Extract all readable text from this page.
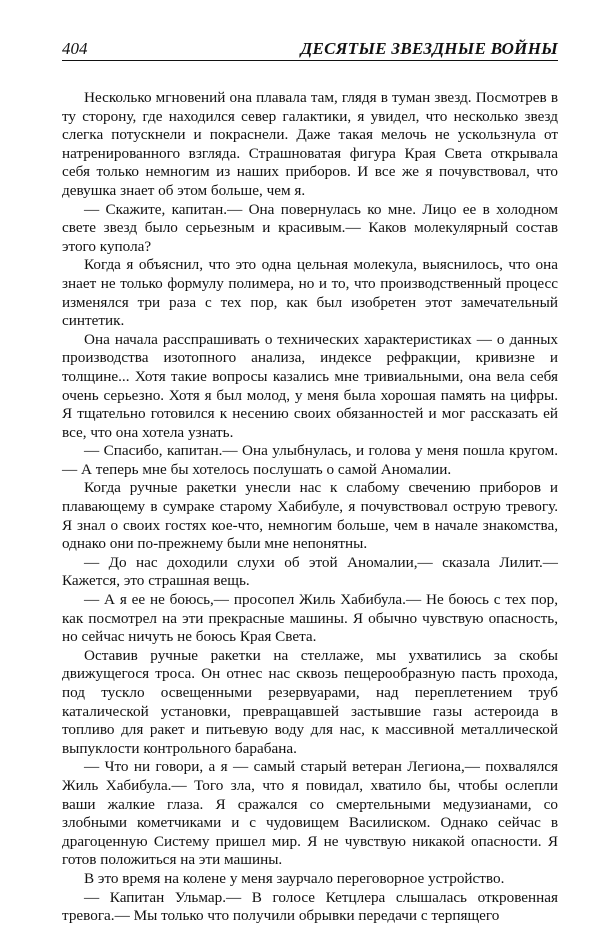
404	ДЕСЯТЫЕ ЗВЕЗДНЫЕ ВОЙНЫ

Несколько мгновений она плавала там, глядя в туман звезд. Посмотрев в ту сторону, где находился север галактики, я увидел, что несколько звезд слегка потускнели и покраснели. Даже такая мелочь не ускользнула от натренированного взгляда. Страшноватая фигура Края Света открывала себя только немногим из наших приборов. И все же я почувствовал, что девушка знает об этом больше, чем я.

— Скажите, капитан.— Она повернулась ко мне. Лицо ее в холодном свете звезд было серьезным и красивым.— Каков молекулярный состав этого купола?

Когда я объяснил, что это одна цельная молекула, выяснилось, что она знает не только формулу полимера, но и то, что производственный процесс изменялся три раза с тех пор, как был изобретен этот замечательный синтетик.

Она начала расспрашивать о технических характеристиках — о данных производства изотопного анализа, индексе рефракции, кривизне и толщине... Хотя такие вопросы казались мне тривиальными, она вела себя очень серьезно. Хотя я был молод, у меня была хорошая память на цифры. Я тщательно готовился к несению своих обязанностей и мог рассказать ей все, что она хотела узнать.

— Спасибо, капитан.— Она улыбнулась, и голова у меня пошла кругом.— А теперь мне бы хотелось послушать о самой Аномалии.

Когда ручные ракетки унесли нас к слабому свечению приборов и плавающему в сумраке старому Хабибуле, я почувствовал острую тревогу. Я знал о своих гостях кое-что, немногим больше, чем в начале знакомства, однако они по-прежнему были мне непонятны.

— До нас доходили слухи об этой Аномалии,— сказала Лилит.— Кажется, это страшная вещь.

— А я ее не боюсь,— просопел Жиль Хабибула.— Не боюсь с тех пор, как посмотрел на эти прекрасные машины. Я обычно чувствую опасность, но сейчас ничуть не боюсь Края Света.

Оставив ручные ракетки на стеллаже, мы ухватились за скобы движущегося троса. Он отнес нас сквозь пещерообразную пасть прохода, под тускло освещенными резервуарами, над переплетением труб каталической установки, превращавшей застывшие газы астероида в топливо для ракет и питьевую воду для нас, к массивной металлической выпуклости контрольного барабана.

— Что ни говори, а я — самый старый ветеран Легиона,— похвалялся Жиль Хабибула.— Того зла, что я повидал, хватило бы, чтобы ослепли ваши жалкие глаза. Я сражался со смертельными медузианами, со злобными кометчиками и с чудовищем Василиском. Однако сейчас в драгоценную Систему пришел мир. Я не чувствую никакой опасности. Я готов положиться на эти машины.

В это время на колене у меня заурчало переговорное устройство.

— Капитан Ульмар.— В голосе Кетцлера слышалась откровенная тревога.— Мы только что получили обрывки передачи с терпящего
